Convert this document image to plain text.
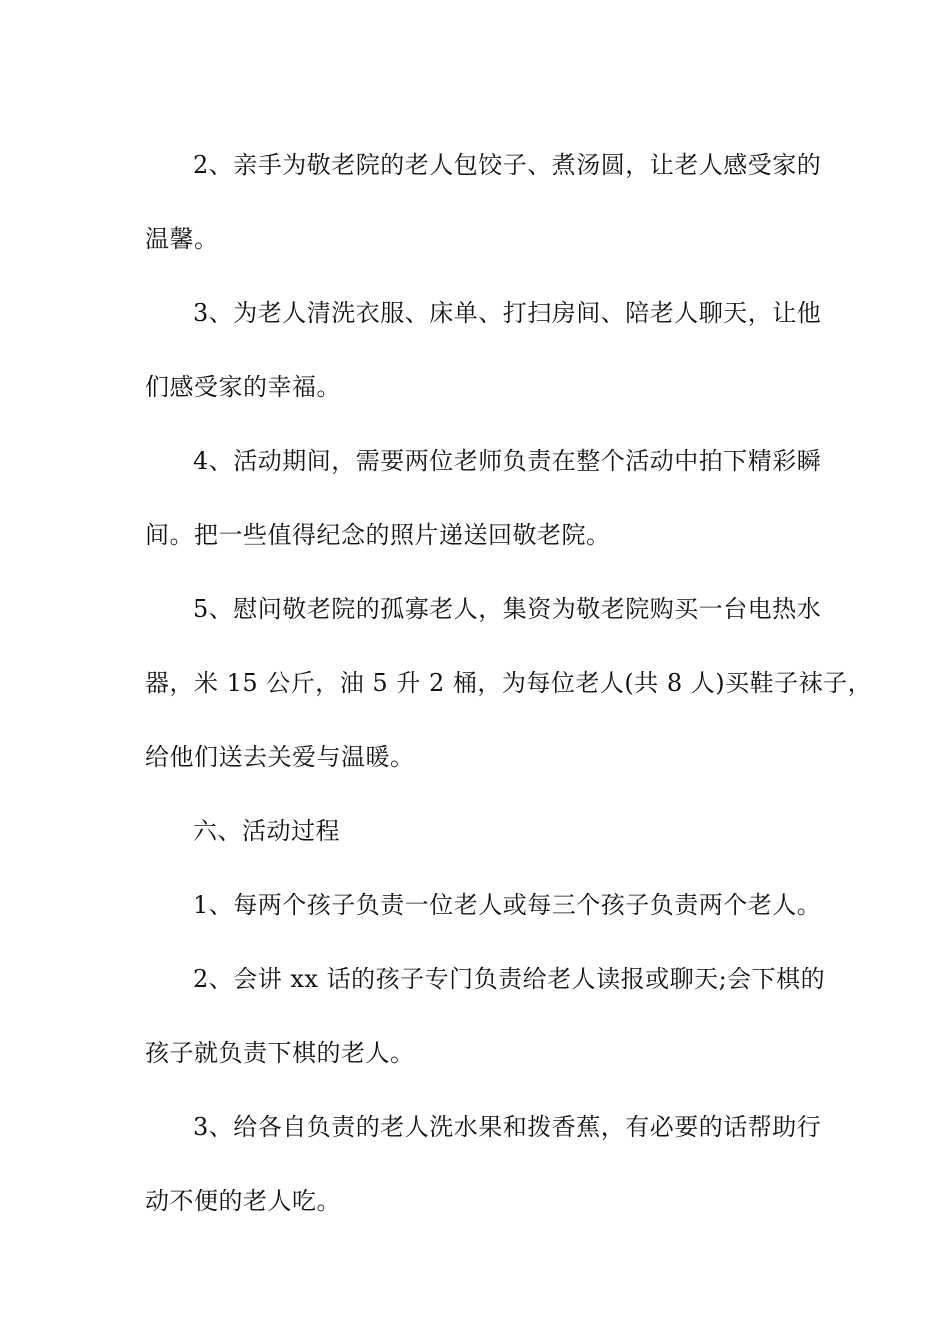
2、亲手为敬老院的老人包饺子、煮汤圆，让老人感受家的
温馨。

3、为老人清洗衣服、床单、打扫房间、陪老人聊天，让他
们感受家的幸福。

4、活动期间，需要两位老师负责在整个活动中拍下精彩瞬
间。把一些值得纪念的照片递送回敬老院。

5、慰问敬老院的孤寡老人，集资为敬老院购买一台电热水
器，米 15 公斤，油 5 升 2 桶，为每位老人(共 8 人)买鞋子袜子，
给他们送去关爱与温暖。

六、活动过程

1、每两个孩子负责一位老人或每三个孩子负责两个老人。

2、会讲 xx 话的孩子专门负责给老人读报或聊天;会下棋的
孩子就负责下棋的老人。

3、给各自负责的老人洗水果和拨香蕉，有必要的话帮助行
动不便的老人吃。
